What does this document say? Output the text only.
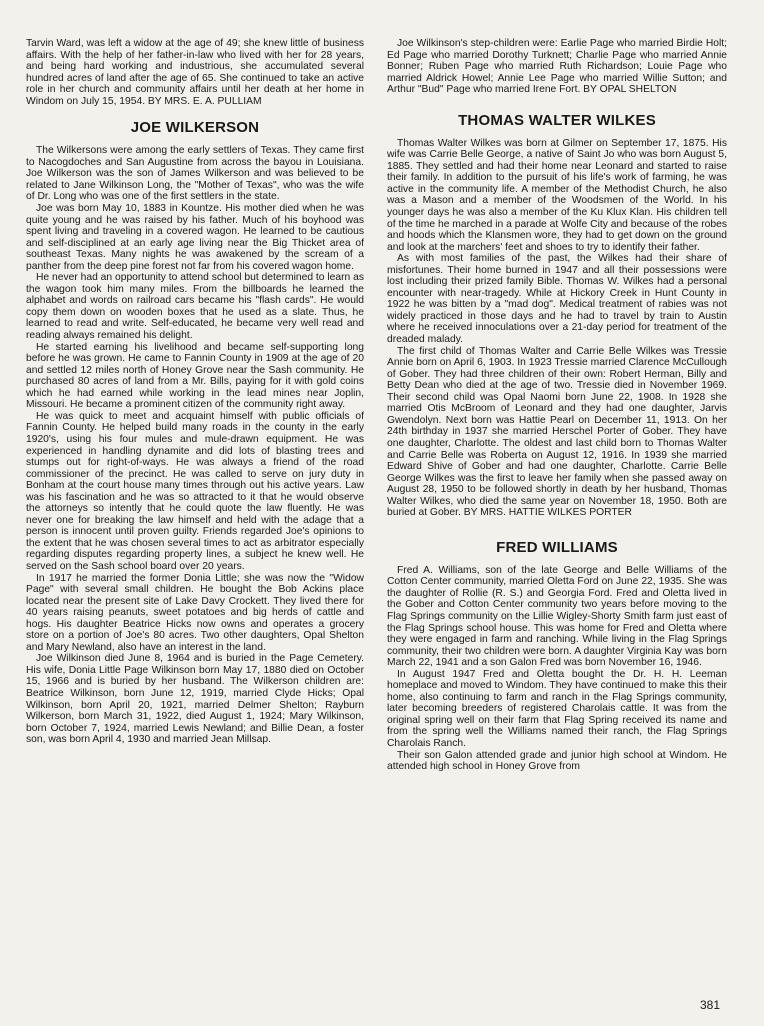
Tarvin Ward, was left a widow at the age of 49; she knew little of business affairs. With the help of her father-in-law who lived with her for 28 years, and being hard working and industrious, she accumulated several hundred acres of land after the age of 65. She continued to take an active role in her church and community affairs until her death at her home in Windom on July 15, 1954. BY MRS. E. A. PULLIAM

JOE WILKERSON

The Wilkersons were among the early settlers of Texas. They came first to Nacogdoches and San Augustine from across the bayou in Louisiana. Joe Wilkerson was the son of James Wilkerson and was believed to be related to Jane Wilkinson Long, the "Mother of Texas", who was the wife of Dr. Long who was one of the first settlers in the state.

Joe was born May 10, 1883 in Kountze. His mother died when he was quite young and he was raised by his father. Much of his boyhood was spent living and traveling in a covered wagon. He learned to be cautious and self-disciplined at an early age living near the Big Thicket area of southeast Texas. Many nights he was awakened by the scream of a panther from the deep pine forest not far from his covered wagon home.

He never had an opportunity to attend school but determined to learn as the wagon took him many miles. From the billboards he learned the alphabet and words on railroad cars became his "flash cards". He would copy them down on wooden boxes that he used as a slate. Thus, he learned to read and write. Self-educated, he became very well read and reading always remained his delight.

He started earning his livelihood and became self-supporting long before he was grown. He came to Fannin County in 1909 at the age of 20 and settled 12 miles north of Honey Grove near the Sash community. He purchased 80 acres of land from a Mr. Bills, paying for it with gold coins which he had earned while working in the lead mines near Joplin, Missouri. He became a prominent citizen of the community right away.

He was quick to meet and acquaint himself with public officials of Fannin County. He helped build many roads in the county in the early 1920's, using his four mules and mule-drawn equipment. He was experienced in handling dynamite and did lots of blasting trees and stumps out for right-of-ways. He was always a friend of the road commissioner of the precinct. He was called to serve on jury duty in Bonham at the court house many times through out his active years. Law was his fascination and he was so attracted to it that he would observe the attorneys so intently that he could quote the law fluently. He was never one for breaking the law himself and held with the adage that a person is innocent until proven guilty. Friends regarded Joe's opinions to the extent that he was chosen several times to act as arbitrator especially regarding disputes regarding property lines, a subject he knew well. He served on the Sash school board over 20 years.

In 1917 he married the former Donia Little; she was now the "Widow Page" with several small children. He bought the Bob Ackins place located near the present site of Lake Davy Crockett. They lived there for 40 years raising peanuts, sweet potatoes and big herds of cattle and hogs. His daughter Beatrice Hicks now owns and operates a grocery store on a portion of Joe's 80 acres. Two other daughters, Opal Shelton and Mary Newland, also have an interest in the land.

Joe Wilkinson died June 8, 1964 and is buried in the Page Cemetery. His wife, Donia Little Page Wilkinson born May 17, 1880 died on October 15, 1966 and is buried by her husband. The Wilkerson children are: Beatrice Wilkinson, born June 12, 1919, married Clyde Hicks; Opal Wilkinson, born April 20, 1921, married Delmer Shelton; Rayburn Wilkerson, born March 31, 1922, died August 1, 1924; Mary Wilkinson, born October 7, 1924, married Lewis Newland; and Billie Dean, a foster son, was born April 4, 1930 and married Jean Millsap.

Joe Wilkinson's step-children were: Earlie Page who married Birdie Holt; Ed Page who married Dorothy Turknett; Charlie Page who married Annie Bonner; Ruben Page who married Ruth Richardson; Louie Page who married Aldrick Howel; Annie Lee Page who married Willie Sutton; and Arthur "Bud" Page who married Irene Fort. BY OPAL SHELTON

THOMAS WALTER WILKES

Thomas Walter Wilkes was born at Gilmer on September 17, 1875. His wife was Carrie Belle George, a native of Saint Jo who was born August 5, 1885. They settled and had their home near Leonard and started to raise their family. In addition to the pursuit of his life's work of farming, he was active in the community life. A member of the Methodist Church, he also was a Mason and a member of the Woodsmen of the World. In his younger days he was also a member of the Ku Klux Klan. His children tell of the time he marched in a parade at Wolfe City and because of the robes and hoods which the Klansmen wore, they had to get down on the ground and look at the marchers' feet and shoes to try to identify their father.

As with most families of the past, the Wilkes had their share of misfortunes. Their home burned in 1947 and all their possessions were lost including their prized family Bible. Thomas W. Wilkes had a personal encounter with near-tragedy. While at Hickory Creek in Hunt County in 1922 he was bitten by a "mad dog". Medical treatment of rabies was not widely practiced in those days and he had to travel by train to Austin where he received innoculations over a 21-day period for treatment of the dreaded malady.

The first child of Thomas Walter and Carrie Belle Wilkes was Tressie Annie born on April 6, 1903. In 1923 Tressie married Clarence McCullough of Gober. They had three children of their own: Robert Herman, Billy and Betty Dean who died at the age of two. Tressie died in November 1969. Their second child was Opal Naomi born June 22, 1908. In 1928 she married Otis McBroom of Leonard and they had one daughter, Jarvis Gwendolyn. Next born was Hattie Pearl on December 11, 1913. On her 24th birthday in 1937 she married Herschel Porter of Gober. They have one daughter, Charlotte. The oldest and last child born to Thomas Walter and Carrie Belle was Roberta on August 12, 1916. In 1939 she married Edward Shive of Gober and had one daughter, Charlotte. Carrie Belle George Wilkes was the first to leave her family when she passed away on August 28, 1950 to be followed shortly in death by her husband, Thomas Walter Wilkes, who died the same year on November 18, 1950. Both are buried at Gober. BY MRS. HATTIE WILKES PORTER

FRED WILLIAMS

Fred A. Williams, son of the late George and Belle Williams of the Cotton Center community, married Oletta Ford on June 22, 1935. She was the daughter of Rollie (R. S.) and Georgia Ford. Fred and Oletta lived in the Gober and Cotton Center community two years before moving to the Flag Springs community on the Lillie Wigley-Shorty Smith farm just east of the Flag Springs school house. This was home for Fred and Oletta where they were engaged in farm and ranching. While living in the Flag Springs community, their two children were born. A daughter Virginia Kay was born March 22, 1941 and a son Galon Fred was born November 16, 1946.

In August 1947 Fred and Oletta bought the Dr. H. H. Leeman homeplace and moved to Windom. They have continued to make this their home, also continuing to farm and ranch in the Flag Springs community, later becoming breeders of registered Charolais cattle. It was from the original spring well on their farm that Flag Spring received its name and from the spring well the Williams named their ranch, the Flag Springs Charolais Ranch.

Their son Galon attended grade and junior high school at Windom. He attended high school in Honey Grove from

381
